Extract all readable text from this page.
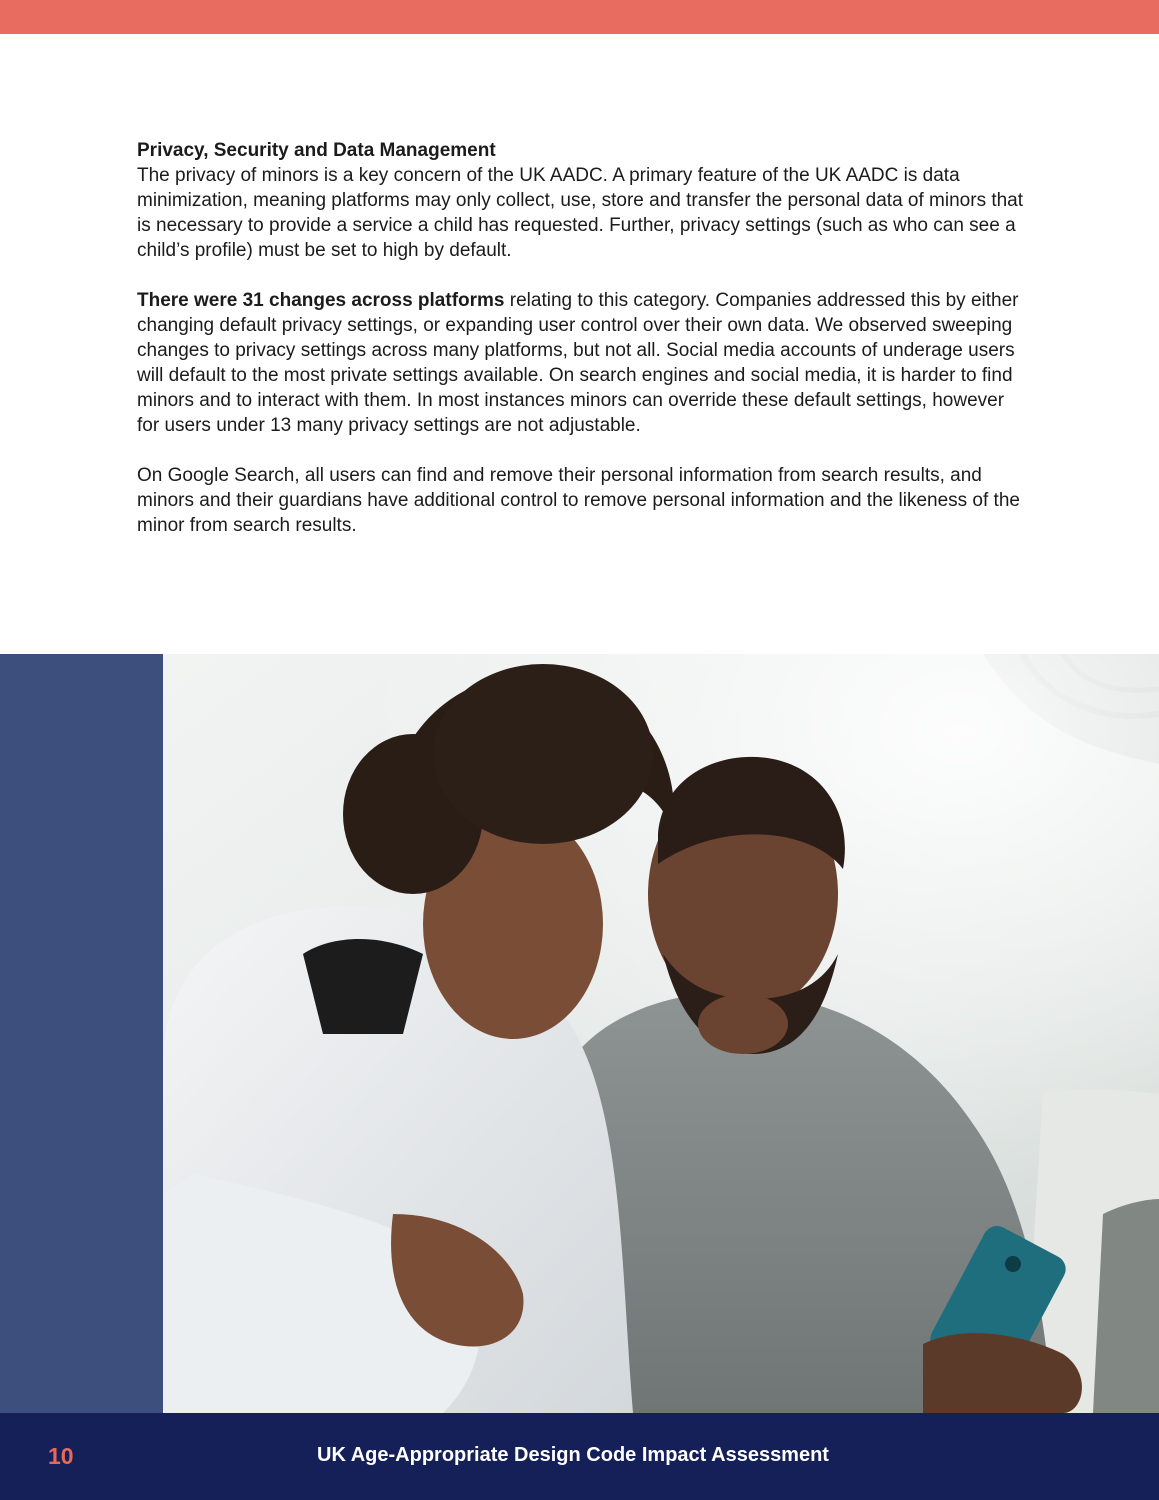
Privacy, Security and Data Management

The privacy of minors is a key concern of the UK AADC. A primary feature of the UK AADC is data minimization, meaning platforms may only collect, use, store and transfer the personal data of minors that is necessary to provide a service a child has requested. Further, privacy settings (such as who can see a child’s profile) must be set to high by default.

There were 31 changes across platforms relating to this category. Companies addressed this by either changing default privacy settings, or expanding user control over their own data. We observed sweeping changes to privacy settings across many platforms, but not all. Social media accounts of underage users will default to the most private settings available. On search engines and social media, it is harder to find minors and to interact with them. In most instances minors can override these default settings, however for users under 13 many privacy settings are not adjustable.

On Google Search, all users can find and remove their personal information from search results, and minors and their guardians have additional control to remove personal information and the likeness of the minor from search results.

10	UK Age-Appropriate Design Code Impact Assessment
